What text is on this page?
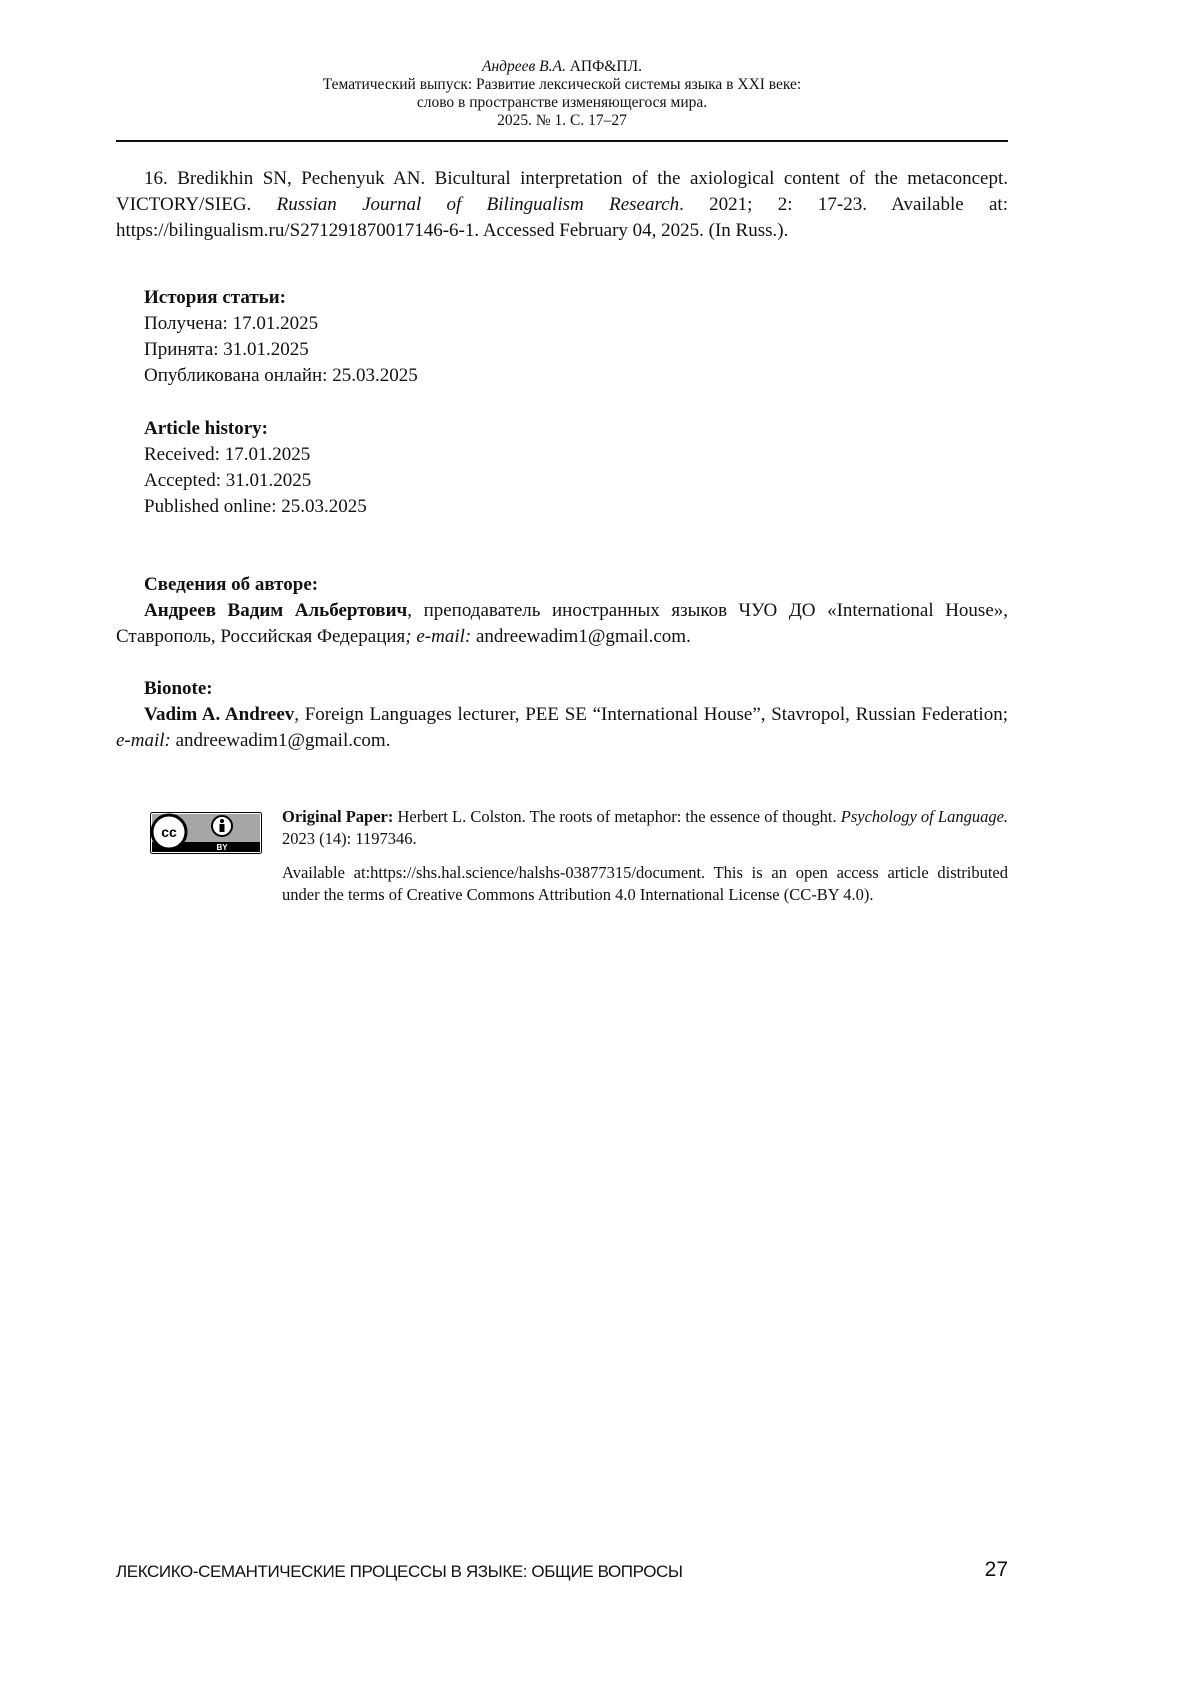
Андреев В.А. АПФ&ПЛ.
Тематический выпуск: Развитие лексической системы языка в XXI веке:
слово в пространстве изменяющегося мира.
2025. № 1. С. 17–27
16. Bredikhin SN, Pechenyuk AN. Bicultural interpretation of the axiological content of the metaconcept. VICTORY/SIEG. Russian Journal of Bilingualism Research. 2021; 2: 17-23. Available at: https://bilingualism.ru/S271291870017146-6-1. Accessed February 04, 2025. (In Russ.).
История статьи:
Получена: 17.01.2025
Принята: 31.01.2025
Опубликована онлайн: 25.03.2025
Article history:
Received: 17.01.2025
Accepted: 31.01.2025
Published online: 25.03.2025
Сведения об авторе:
Андреев Вадим Альбертович, преподаватель иностранных языков ЧУО ДО «International House», Ставрополь, Российская Федерация; e-mail: andreewadim1@gmail.com.
Bionote:
Vadim A. Andreev, Foreign Languages lecturer, PEE SE “International House”, Stavropol, Russian Federation; e-mail: andreewadim1@gmail.com.
cc
BY
Original Paper: Herbert L. Colston. The roots of metaphor: the essence of thought. Psychology of Language. 2023 (14): 1197346.
Available at:https://shs.hal.science/halshs-03877315/document. This is an open access article distributed under the terms of Creative Commons Attribution 4.0 International License (CC-BY 4.0).
ЛЕКСИКО-СЕМАНТИЧЕСКИЕ ПРОЦЕССЫ В ЯЗЫКЕ: ОБЩИЕ ВОПРОСЫ	27
